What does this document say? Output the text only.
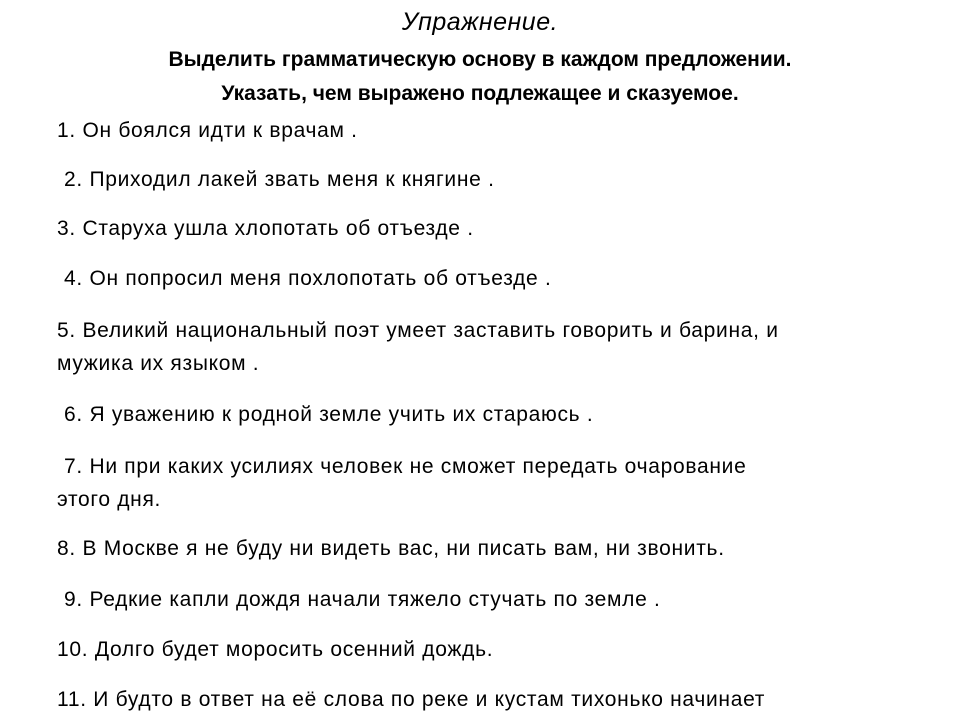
Упражнение.
Выделить грамматическую основу в каждом предложении.
Указать, чем выражено подлежащее и сказуемое.
1. Он боялся идти к врачам .
2. Приходил лакей звать меня к княгине .
3. Старуха ушла хлопотать об отъезде .
4. Он попросил меня похлопотать об отъезде .
5. Великий национальный поэт умеет заставить говорить и барина, и
мужика их языком .
6. Я уважению к родной земле учить их стараюсь .
7. Ни при каких усилиях человек не сможет передать очарование
этого дня.
8. В Москве я не буду ни видеть вас, ни писать вам, ни звонить.
9. Редкие капли дождя начали тяжело стучать по земле .
10. Долго будет моросить осенний дождь.
11. И будто в ответ на её слова по реке и кустам тихонько начинает
